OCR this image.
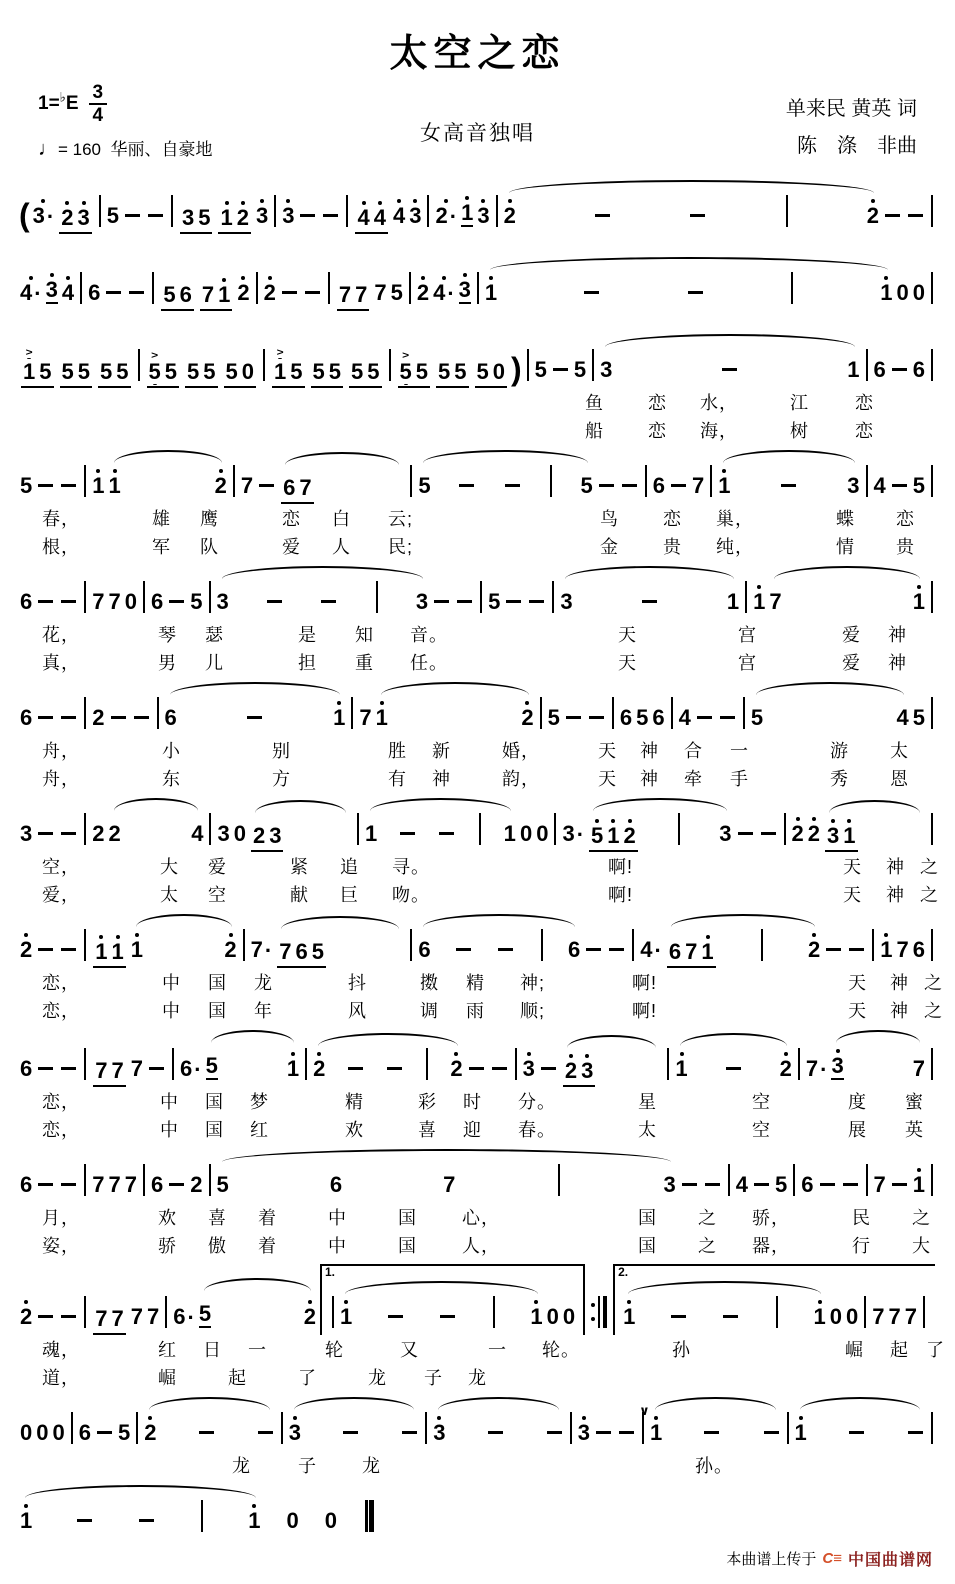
太空之恋
$1=^♭E \frac{3}{4}$
女高音独唱
♩= 160 华丽、自豪地
单来民 黄英 词
陈　涤　非曲
( 3 · 2 3 5	3 5 1 2 3 3	4 4 4 3 2 · 1 3 2	2
4 · 3 4 6	5 6 7 1 2 2	7 7 7 5 2 4 · 3 1	1 0 0
>
1 5 5 5 5 5
>
5 5 5 5 5 0
>
1 5 5 5 5 5
>
5 5 5 5 5 0 ) 5 5 3	1 6 6
鱼 恋 水，	江	恋
船 恋 海，	树	恋
5	1 1	2 7 6 7	5	5	6 7 1	3 4 5
春，	雄 鹰	恋 白 云;	鸟 恋 巢，	蝶 恋
根，	军 队	爱 人 民;	金 贵 纯，	情 贵
6	7 7 0 6 5 3	3	5	3	1 1 7	1
花，	琴 瑟	是 知 音。	天	宫	爱 神
真，	男 儿	担 重 任。	天	宫	爱 神
6	2	6	1 7 1	2 5	6 5 6 4	5	4 5
舟，	小	别	胜 新	婚，	天 神 合 一	游 太
舟，	东	方	有 神	韵，	天 神 牵 手	秀 恩
3	2 2	4 3 0 2 3	1	1 0 0 3 · 5 1 2	3	2 2 3 1
空，	大 爱	紧 追 寻。	啊!	天 神 之
爱，	太 空	献 巨 吻。	啊!	天 神 之
2	1 1 1	2 7 · 7 6 5	6	6	4 · 6 7 1	2	1 7 6
恋，	中 国 龙	抖	擞 精 神;	啊!	天 神 之
恋，	中 国 年	风	调 雨 顺;	啊!	天 神 之
6	7 7 7 6 · 5	1 2	2	3 2 3	1	2 7 · 3	7
恋，	中 国 梦	精	彩 时 分。	星	空	度 蜜
恋，	中 国 红	欢	喜 迎 春。	太	空	展 英
6	7 7 7 6 2 5	6	7	3	4 5 6	7 1
月，	欢 喜 着	中	国	心，	国 之 骄，	民 之
姿，	骄 傲 着	中	国	人，	国 之 器，	行 大
2	7 7 7 7 6 · 5	2
1.
1	1 0 0
2.
1	1 0 0 7 7 7
魂，	红 日 一	轮	又	一 轮。	孙	崛 起 了
道，	崛	起	了	龙 子 龙
0 0 0 6 5 2	3	3	3
∨
1	1
龙	子	龙	孙。
1	1 0 0
本曲谱上传于 C≡ 中国曲谱网
